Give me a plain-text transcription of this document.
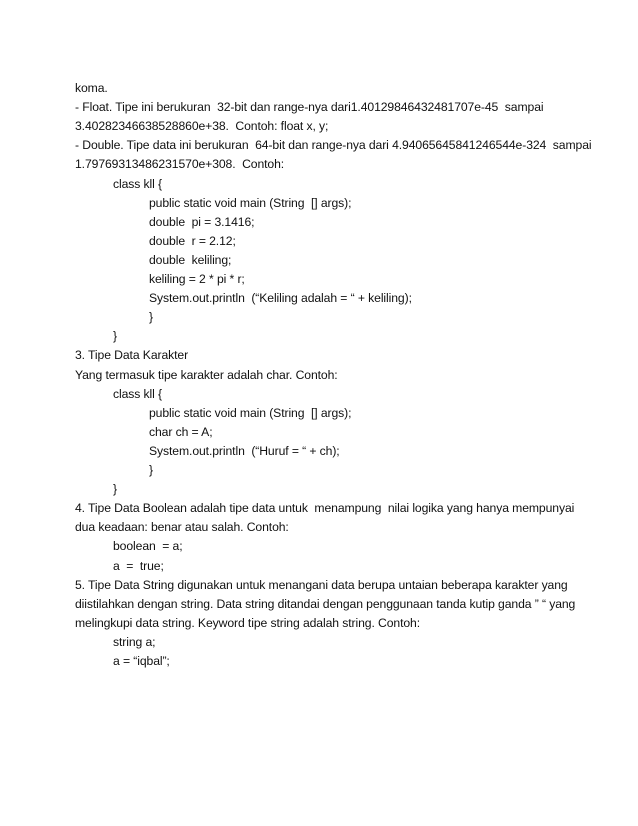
koma.
- Float. Tipe ini berukuran  32-bit dan range-nya dari1.40129846432481707e-45  sampai
3.40282346638528860e+38.  Contoh: float x, y;
- Double. Tipe data ini berukuran  64-bit dan range-nya dari 4.94065645841246544e-324  sampai
1.79769313486231570e+308.  Contoh:
class kll {
public static void main (String  [] args);
double  pi = 3.1416;
double  r = 2.12;
double  keliling;
keliling = 2 * pi * r;
System.out.println  (“Keliling adalah = “ + keliling);
}
}
3. Tipe Data Karakter
Yang termasuk tipe karakter adalah char. Contoh:
class kll {
public static void main (String  [] args);
char ch = A;
System.out.println  (“Huruf = “ + ch);
}
}
4. Tipe Data Boolean adalah tipe data untuk  menampung  nilai logika yang hanya mempunyai
dua keadaan: benar atau salah. Contoh:
boolean  = a;
a  =  true;
5. Tipe Data String digunakan untuk menangani data berupa untaian beberapa karakter yang
diistilahkan dengan string. Data string ditandai dengan penggunaan tanda kutip ganda ” “ yang
melingkupi data string. Keyword tipe string adalah string. Contoh:
string a;
a = “iqbal”;
